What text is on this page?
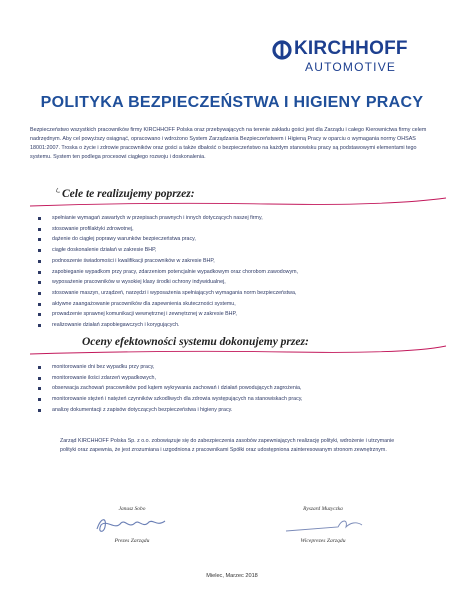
KIRCHHOFF
AUTOMOTIVE
POLITYKA BEZPIECZEŃSTWA I HIGIENY PRACY
Bezpieczeństwo wszystkich pracowników firmy KIRCHHOFF Polska oraz przebywających na terenie zakładu gości jest dla Zarządu i całego Kierownictwa firmy celem nadrzędnym. Aby cel powyższy osiągnąć, opracowano i wdrożono System Zarządzania Bezpieczeństwem i Higieną Pracy w oparciu o wymagania normy OHSAS 18001:2007. Troska o życie i zdrowie pracowników oraz gości a także dbałość o bezpieczeństwo na każdym stanowisku pracy są podstawowymi elementami tego systemu. System ten podlega procesowi ciągłego rozwoju i doskonalenia.
Cele te realizujemy poprzez:
spełnianie wymagań zawartych w przepisach prawnych i innych dotyczących naszej firmy,
stosowanie profilaktyki zdrowotnej,
dążenie do ciągłej poprawy warunków bezpieczeństwa pracy,
ciągłe doskonalenie działań w zakresie BHP,
podnoszenie świadomości i kwalifikacji pracowników w zakresie BHP,
zapobieganie wypadkom przy pracy, zdarzeniom potencjalnie wypadkowym oraz chorobom zawodowym,
wyposażenie pracowników w wysokiej klasy środki ochrony indywidualnej,
stosowanie maszyn, urządzeń, narzędzi i wyposażenia spełniających wymagania norm bezpieczeństwa,
aktywne zaangażowanie pracowników dla zapewnienia skuteczności systemu,
prowadzenie sprawnej komunikacji wewnętrznej i zewnętrznej w zakresie BHP,
realizowanie działań zapobiegawczych i korygujących.
Oceny efektowności systemu dokonujemy przez:
monitorowanie dni bez wypadku przy pracy,
monitorowanie ilości zdarzeń wypadkowych,
obserwacja zachowań pracowników pod kątem wykrywania zachowań i działań powodujących zagrożenia,
monitorowanie stężeń i natężeń czynników szkodliwych dla zdrowia występujących na stanowiskach pracy,
analizę dokumentacji z zapisów dotyczących bezpieczeństwa i higieny pracy.
Zarząd KIRCHHOFF Polska Sp. z o.o. zobowiązuje się do zabezpieczenia zasobów zapewniających realizację polityki, wdrożenie i utrzymanie polityki oraz zapewnia, że jest zrozumiana i uzgodniona z pracownikami Spółki oraz udostępniona zainteresowanym stronom zewnętrznym.
Janusz Sobo
Prezes Zarządu
Ryszard Muzyczka
Wiceprezes Zarządu
Mielec, Marzec 2018
